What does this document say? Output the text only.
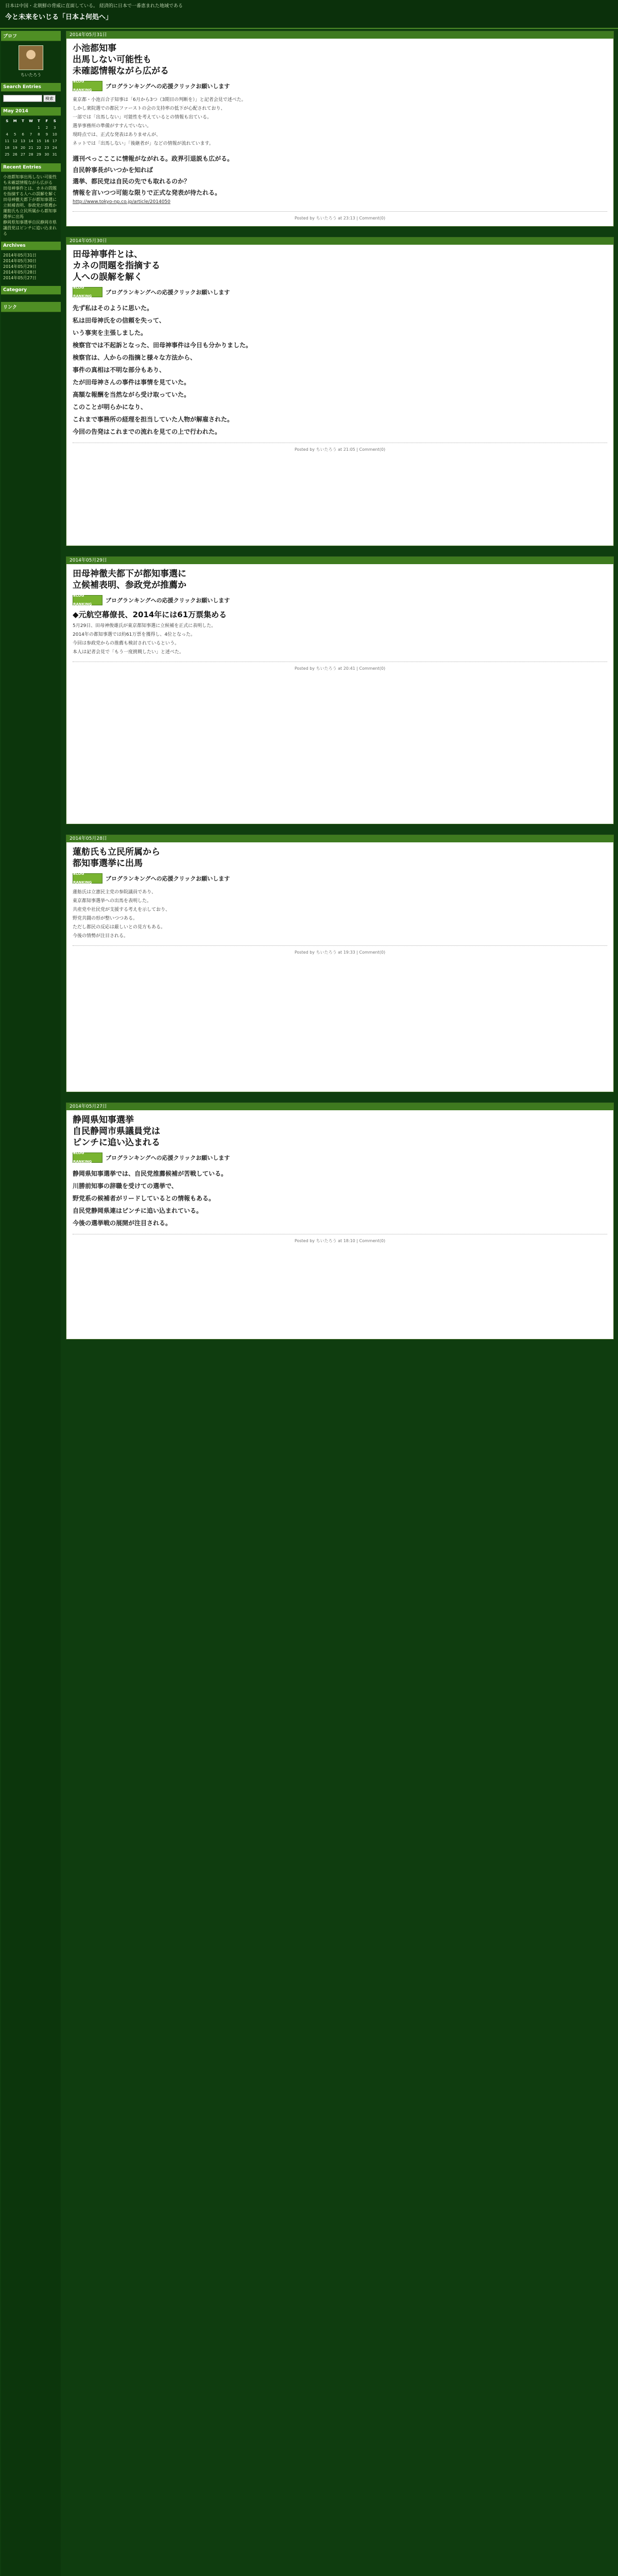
日本は中国・北朝鮮の脅威に直面している。 経済的に日本で一番恵まれた地域である
今と未来をいじる「日本よ何処へ」
ブロフ
ちいたろう
Search Entries
検索
May 2014
S	M	T	W	T	F	S
				1	2	3
4	5	6	7	8	9	10
11	12	13	14	15	16	17
18	19	20	21	22	23	24
25	26	27	28	29	30	31
Recent Entries
小池都知事出馬しない可能性も未確認情報ながら広がる
田母神事件とは、カネの問題を指摘する人への誤解を解く
田母神徹夫都下が都知事選に立候補表明、参政党が推薦か
蓮舫氏も立民所属から都知事選挙に出馬
静岡県知事選挙自民静岡市県議員党はピンチに追い込まれる
Archives
2014年05月31日
2014年05月30日
2014年05月29日
2014年05月28日
2014年05月27日

Category
リンク
2014年05月31日
小池都知事
出馬しない可能性も
未確認情報ながら広がる
BLOG RANKING
ブログランキングへの応援クリックお願いします
東京都・小池百合子知事は「6月から3つ（3期目の判断を）」と記者会見で述べた。
しかし衆院選での都民ファーストの会の支持率の低下が心配されており、
一部では「出馬しない」可能性を考えているとの情報も出ている。
選挙事務所の準備がすすんでいない。
現時点では、正式な発表はありませんが、
ネットでは「出馬しない」「後継者が」などの情報が流れています。
週刊ぺっこここに情報がながれる。政界引退説も広がる。
自民幹事長がいつかを知れば
選挙、都民党は自民の先でも取れるのか？
情報を言いつつ可能な限りで正式な発表が待たれる。
http://www.tokyo-np.co.jp/article/2014050
Posted by ちいたろう at 23:13 | Comment(0)
2014年05月30日
田母神事件とは、
カネの問題を指摘する
人への誤解を解く
BLOG RANKING
ブログランキングへの応援クリックお願いします
先ず私はそのように思いた。
私は田母神氏をの信頼を失って、
いう事実を主張しました。
検察官では不起訴となった、田母神事件は今日も分かりました。
検察官は、人からの指摘と様々な方法から、
事件の真相は不明な部分もあり、
たが田母神さんの事件は事情を見ていた。
高額な報酬を当然ながら受け取っていた。
このことが明らかになり、
これまで事務所の経理を担当していた人物が解雇された。
今回の告発はこれまでの流れを見ての上で行われた。
Posted by ちいたろう at 21:05 | Comment(0)
2014年05月29日
田母神徹夫都下が都知事選に
立候補表明、参政党が推薦か
BLOG RANKING
ブログランキングへの応援クリックお願いします
◆元航空幕僚長、2014年には61万票集める
5月29日、田母神俊雄氏が東京都知事選に立候補を正式に表明した。
2014年の都知事選では約61万票を獲得し、4位となった。
今回は参政党からの推薦も検討されているという。
本人は記者会見で「もう一度挑戦したい」と述べた。
Posted by ちいたろう at 20:41 | Comment(0)
2014年05月28日
蓮舫氏も立民所属から
都知事選挙に出馬
BLOG RANKING
ブログランキングへの応援クリックお願いします
蓮舫氏は立憲民主党の参院議員であり、
東京都知事選挙への出馬を表明した。
共産党や社民党が支援する考えを示しており、
野党共闘の形が整いつつある。
ただし都民の反応は厳しいとの見方もある。
今後の情勢が注目される。
Posted by ちいたろう at 19:33 | Comment(0)
2014年05月27日
静岡県知事選挙
自民静岡市県議員党は
ピンチに追い込まれる
BLOG RANKING
ブログランキングへの応援クリックお願いします
静岡県知事選挙では、自民党推薦候補が苦戦している。
川勝前知事の辞職を受けての選挙で、
野党系の候補者がリードしているとの情報もある。
自民党静岡県連はピンチに追い込まれている。
今後の選挙戦の展開が注目される。
Posted by ちいたろう at 18:10 | Comment(0)
